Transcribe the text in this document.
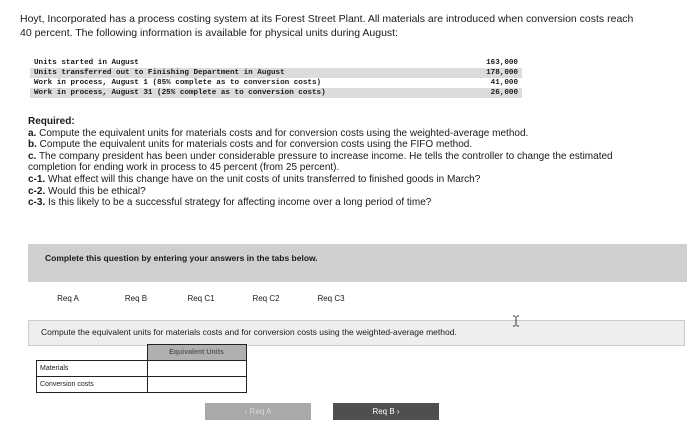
Hoyt, Incorporated has a process costing system at its Forest Street Plant. All materials are introduced when conversion costs reach
40 percent. The following information is available for physical units during August:
Units started in August	163,000
Units transferred out to Finishing Department in August	178,000
Work in process, August 1 (85% complete as to conversion costs)	41,000
Work in process, August 31 (25% complete as to conversion costs)	26,000
Required:
a. Compute the equivalent units for materials costs and for conversion costs using the weighted-average method.
b. Compute the equivalent units for materials costs and for conversion costs using the FIFO method.
c. The company president has been under considerable pressure to increase income. He tells the controller to change the estimated
completion for ending work in process to 45 percent (from 25 percent).
c-1. What effect will this change have on the unit costs of units transferred to finished goods in March?
c-2. Would this be ethical?
c-3. Is this likely to be a successful strategy for affecting income over a long period of time?
Complete this question by entering your answers in the tabs below.
Req A	Req B	Req C1	Req C2	Req C3
Compute the equivalent units for materials costs and for conversion costs using the weighted-average method.
	Equivalent Units
Materials	
Conversion costs	
‹ Req A	Req B ›
